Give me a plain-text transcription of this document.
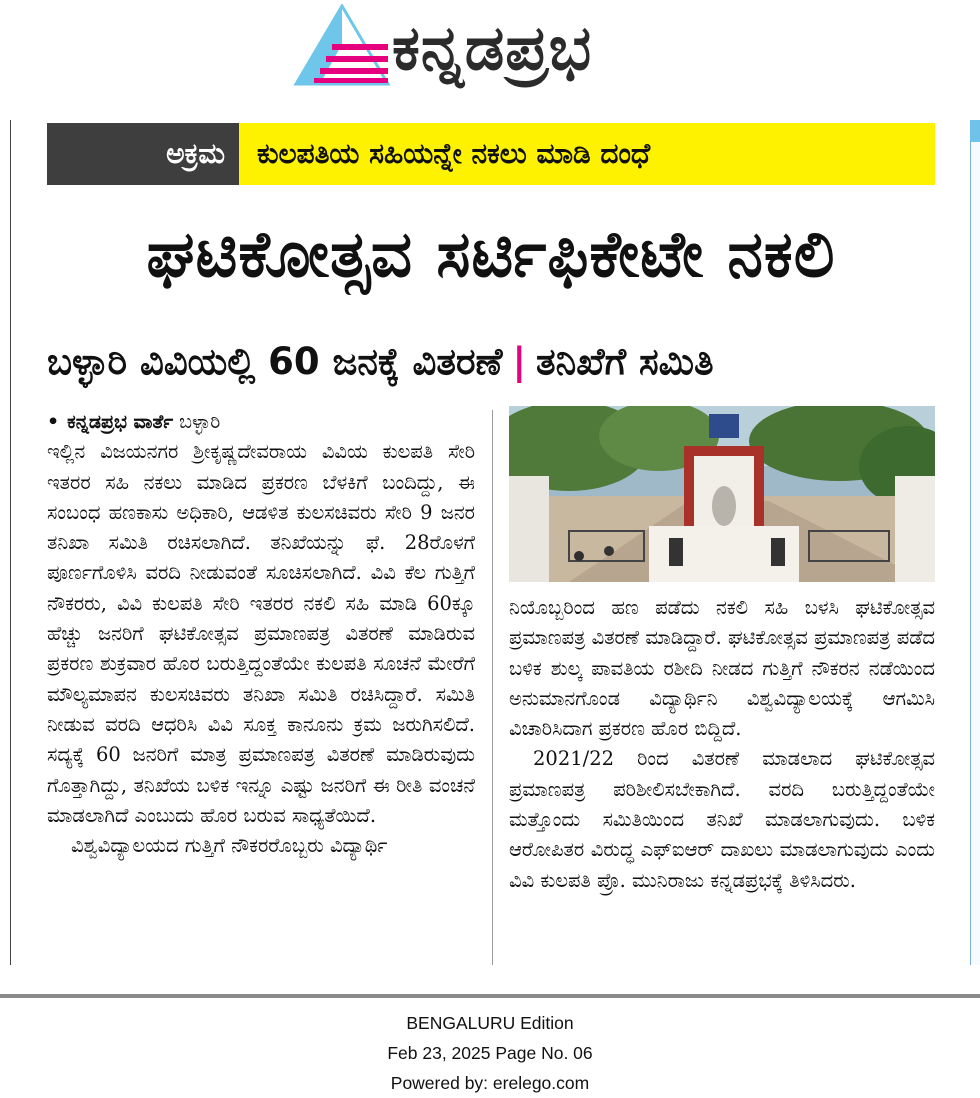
ಕನ್ನಡಪ್ರಭ
ಅಕ್ರಮ	ಕುಲಪತಿಯ ಸಹಿಯನ್ನೇ ನಕಲು ಮಾಡಿ ದಂಧೆ
ಘಟಿಕೋತ್ಸವ ಸರ್ಟಿಫಿಕೇಟೇ ನಕಲಿ
ಬಳ್ಳಾರಿ ವಿವಿಯಲ್ಲಿ 60 ಜನಕ್ಕೆ ವಿತರಣೆ | ತನಿಖೆಗೆ ಸಮಿತಿ

• ಕನ್ನಡಪ್ರಭ ವಾರ್ತೆ ಬಳ್ಳಾರಿ

ಇಲ್ಲಿನ ವಿಜಯನಗರ ಶ್ರೀಕೃಷ್ಣದೇವರಾಯ ವಿವಿಯ ಕುಲಪತಿ ಸೇರಿ ಇತರರ ಸಹಿ ನಕಲು ಮಾಡಿದ ಪ್ರಕರಣ ಬೆಳಕಿಗೆ ಬಂದಿದ್ದು, ಈ ಸಂಬಂಧ ಹಣಕಾಸು ಅಧಿಕಾರಿ, ಆಡಳಿತ ಕುಲಸಚಿವರು ಸೇರಿ 9 ಜನರ ತನಿಖಾ ಸಮಿತಿ ರಚಿಸಲಾಗಿದೆ. ತನಿಖೆಯನ್ನು ಫೆ. 28ರೊಳಗೆ ಪೂರ್ಣಗೊಳಿಸಿ ವರದಿ ನೀಡುವಂತೆ ಸೂಚಿಸಲಾಗಿದೆ. ವಿವಿ ಕೆಲ ಗುತ್ತಿಗೆ ನೌಕರರು, ವಿವಿ ಕುಲಪತಿ ಸೇರಿ ಇತರರ ನಕಲಿ ಸಹಿ ಮಾಡಿ 60ಕ್ಕೂ ಹೆಚ್ಚು ಜನರಿಗೆ ಘಟಿಕೋತ್ಸವ ಪ್ರಮಾಣಪತ್ರ ವಿತರಣೆ ಮಾಡಿರುವ ಪ್ರಕರಣ ಶುಕ್ರವಾರ ಹೊರ ಬರುತ್ತಿದ್ದಂತೆಯೇ ಕುಲಪತಿ ಸೂಚನೆ ಮೇರೆಗೆ ಮೌಲ್ಯಮಾಪನ ಕುಲಸಚಿವರು ತನಿಖಾ ಸಮಿತಿ ರಚಿಸಿದ್ದಾರೆ. ಸಮಿತಿ ನೀಡುವ ವರದಿ ಆಧರಿಸಿ ವಿವಿ ಸೂಕ್ತ ಕಾನೂನು ಕ್ರಮ ಜರುಗಿಸಲಿದೆ. ಸದ್ಯಕ್ಕೆ 60 ಜನರಿಗೆ ಮಾತ್ರ ಪ್ರಮಾಣಪತ್ರ ವಿತರಣೆ ಮಾಡಿರುವುದು ಗೊತ್ತಾಗಿದ್ದು, ತನಿಖೆಯ ಬಳಿಕ ಇನ್ನೂ ಎಷ್ಟು ಜನರಿಗೆ ಈ ರೀತಿ ವಂಚನೆ ಮಾಡಲಾಗಿದೆ ಎಂಬುದು ಹೊರ ಬರುವ ಸಾಧ್ಯತೆಯಿದೆ.

ವಿಶ್ವವಿದ್ಯಾಲಯದ ಗುತ್ತಿಗೆ ನೌಕರರೊಬ್ಬರು ವಿದ್ಯಾರ್ಥಿ

ನಿಯೊಬ್ಬರಿಂದ ಹಣ ಪಡೆದು ನಕಲಿ ಸಹಿ ಬಳಸಿ ಘಟಿಕೋತ್ಸವ ಪ್ರಮಾಣಪತ್ರ ವಿತರಣೆ ಮಾಡಿದ್ದಾರೆ. ಘಟಿಕೋತ್ಸವ ಪ್ರಮಾಣಪತ್ರ ಪಡೆದ ಬಳಿಕ ಶುಲ್ಕ ಪಾವತಿಯ ರಶೀದಿ ನೀಡದ ಗುತ್ತಿಗೆ ನೌಕರನ ನಡೆಯಿಂದ ಅನುಮಾನಗೊಂಡ ವಿದ್ಯಾರ್ಥಿನಿ ವಿಶ್ವವಿದ್ಯಾಲಯಕ್ಕೆ ಆಗಮಿಸಿ ವಿಚಾರಿಸಿದಾಗ ಪ್ರಕರಣ ಹೊರ ಬಿದ್ದಿದೆ.

2021/22 ರಿಂದ ವಿತರಣೆ ಮಾಡಲಾದ ಘಟಿಕೋತ್ಸವ ಪ್ರಮಾಣಪತ್ರ ಪರಿಶೀಲಿಸಬೇಕಾಗಿದೆ. ವರದಿ ಬರುತ್ತಿದ್ದಂತೆಯೇ ಮತ್ತೊಂದು ಸಮಿತಿಯಿಂದ ತನಿಖೆ ಮಾಡಲಾಗುವುದು. ಬಳಿಕ ಆರೋಪಿತರ ವಿರುದ್ಧ ಎಫ್‌ಐಆರ್ ದಾಖಲು ಮಾಡಲಾಗುವುದು ಎಂದು ವಿವಿ ಕುಲಪತಿ ಪ್ರೊ. ಮುನಿರಾಜು ಕನ್ನಡಪ್ರಭಕ್ಕೆ ತಿಳಿಸಿದರು.

BENGALURU Edition
Feb 23, 2025 Page No. 06
Powered by: erelego.com
